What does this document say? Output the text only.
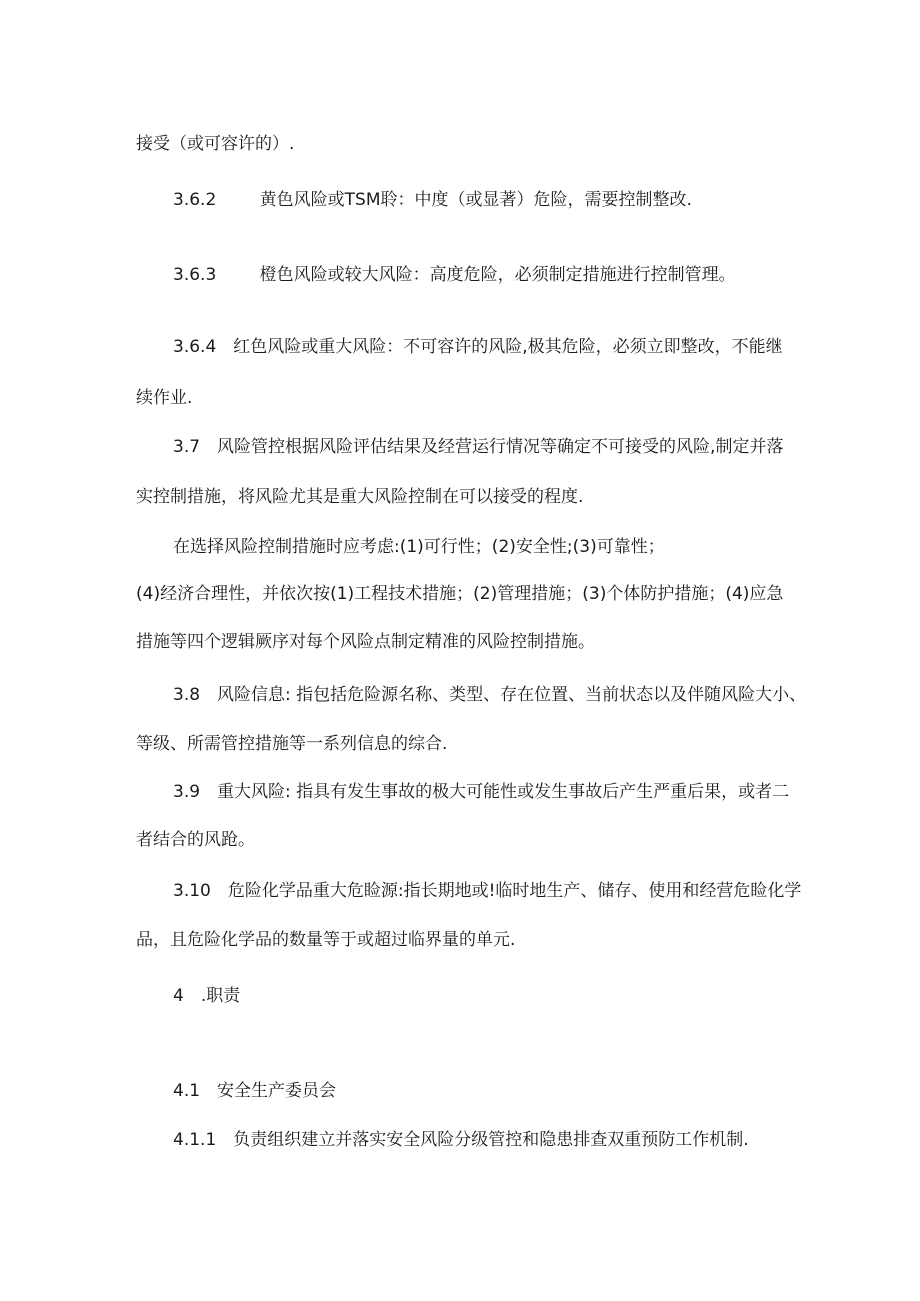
接受（或可容许的）.
3.6.2	黄色风险或TSM聆：中度（或显著）危险，需要控制整改.
3.6.3	橙色风险或较大风险：高度危险，必须制定措施进行控制管理。
3.6.4　红色风险或重大风险：不可容许的风险,极其危险，必须立即整改，不能继
续作业.
3.7　风险管控根据风险评估结果及经营运行情况等确定不可接受的风险,制定并落
实控制措施，将风险尤其是重大风险控制在可以接受的程度.
在选择风险控制措施时应考虑:(1)可行性；(2)安全性;(3)可靠性；
(4)经济合理性，并依次按(1)工程技术措施；(2)管理措施；(3)个体防护措施；(4)应急
措施等四个逻辑厥序对每个风险点制定精准的风险控制措施。
3.8　风险信息: 指包括危险源名称、类型、存在位置、当前状态以及伴随风险大小、
等级、所需管控措施等一系列信息的综合.
3.9　重大风险: 指具有发生事故的极大可能性或发生事故后产生严重后果，或者二
者结合的风跄。
3.10　危险化学品重大危睑源:指长期地或!临时地生产、储存、使用和经营危睑化学
品，且危险化学品的数量等于或超过临界量的单元.
4　.职责
4.1　安全生产委员会
4.1.1　负责组织建立并落实安全风险分级管控和隐患排查双重预防工作机制.
